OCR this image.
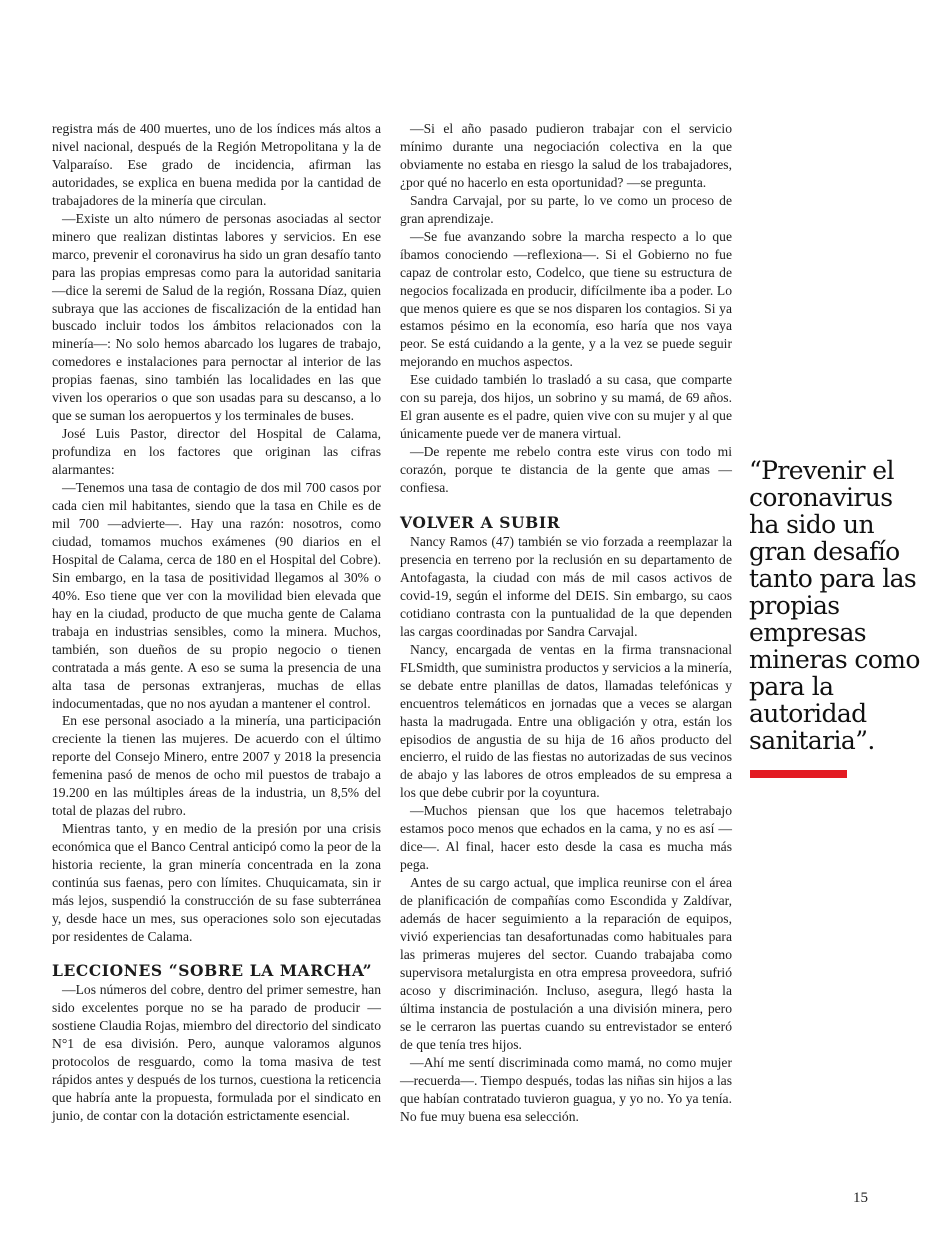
registra más de 400 muertes, uno de los índices más altos a nivel nacional, después de la Región Metropolitana y la de Valparaíso. Ese grado de incidencia, afirman las autoridades, se explica en buena medida por la cantidad de trabajadores de la minería que circulan.

—Existe un alto número de personas asociadas al sector minero que realizan distintas labores y servicios. En ese marco, prevenir el coronavirus ha sido un gran desafío tanto para las propias empresas como para la autoridad sanitaria —dice la seremi de Salud de la región, Rossana Díaz, quien subraya que las acciones de fiscalización de la entidad han buscado incluir todos los ámbitos relacionados con la minería—: No solo hemos abarcado los lugares de trabajo, comedores e instalaciones para pernoctar al interior de las propias faenas, sino también las localidades en las que viven los operarios o que son usadas para su descanso, a lo que se suman los aeropuertos y los terminales de buses.

José Luis Pastor, director del Hospital de Calama, profundiza en los factores que originan las cifras alarmantes:

—Tenemos una tasa de contagio de dos mil 700 casos por cada cien mil habitantes, siendo que la tasa en Chile es de mil 700 —advierte—. Hay una razón: nosotros, como ciudad, tomamos muchos exámenes (90 diarios en el Hospital de Calama, cerca de 180 en el Hospital del Cobre). Sin embargo, en la tasa de positividad llegamos al 30% o 40%. Eso tiene que ver con la movilidad bien elevada que hay en la ciudad, producto de que mucha gente de Calama trabaja en industrias sensibles, como la minera. Muchos, también, son dueños de su propio negocio o tienen contratada a más gente. A eso se suma la presencia de una alta tasa de personas extranjeras, muchas de ellas indocumentadas, que no nos ayudan a mantener el control.

En ese personal asociado a la minería, una participación creciente la tienen las mujeres. De acuerdo con el último reporte del Consejo Minero, entre 2007 y 2018 la presencia femenina pasó de menos de ocho mil puestos de trabajo a 19.200 en las múltiples áreas de la industria, un 8,5% del total de plazas del rubro.

Mientras tanto, y en medio de la presión por una crisis económica que el Banco Central anticipó como la peor de la historia reciente, la gran minería concentrada en la zona continúa sus faenas, pero con límites. Chuquicamata, sin ir más lejos, suspendió la construcción de su fase subterránea y, desde hace un mes, sus operaciones solo son ejecutadas por residentes de Calama.

LECCIONES “SOBRE LA MARCHA”

—Los números del cobre, dentro del primer semestre, han sido excelentes porque no se ha parado de producir —sostiene Claudia Rojas, miembro del directorio del sindicato N°1 de esa división. Pero, aunque valoramos algunos protocolos de resguardo, como la toma masiva de test rápidos antes y después de los turnos, cuestiona la reticencia que habría ante la propuesta, formulada por el sindicato en junio, de contar con la dotación estrictamente esencial.

—Si el año pasado pudieron trabajar con el servicio mínimo durante una negociación colectiva en la que obviamente no estaba en riesgo la salud de los trabajadores, ¿por qué no hacerlo en esta oportunidad? —se pregunta.

Sandra Carvajal, por su parte, lo ve como un proceso de gran aprendizaje.

—Se fue avanzando sobre la marcha respecto a lo que íbamos conociendo —reflexiona—. Si el Gobierno no fue capaz de controlar esto, Codelco, que tiene su estructura de negocios focalizada en producir, difícilmente iba a poder. Lo que menos quiere es que se nos disparen los contagios. Si ya estamos pésimo en la economía, eso haría que nos vaya peor. Se está cuidando a la gente, y a la vez se puede seguir mejorando en muchos aspectos.

Ese cuidado también lo trasladó a su casa, que comparte con su pareja, dos hijos, un sobrino y su mamá, de 69 años. El gran ausente es el padre, quien vive con su mujer y al que únicamente puede ver de manera virtual.

—De repente me rebelo contra este virus con todo mi corazón, porque te distancia de la gente que amas —confiesa.

VOLVER A SUBIR

Nancy Ramos (47) también se vio forzada a reemplazar la presencia en terreno por la reclusión en su departamento de Antofagasta, la ciudad con más de mil casos activos de covid-19, según el informe del DEIS. Sin embargo, su caos cotidiano contrasta con la puntualidad de la que dependen las cargas coordinadas por Sandra Carvajal.

Nancy, encargada de ventas en la firma transnacional FLSmidth, que suministra productos y servicios a la minería, se debate entre planillas de datos, llamadas telefónicas y encuentros telemáticos en jornadas que a veces se alargan hasta la madrugada. Entre una obligación y otra, están los episodios de angustia de su hija de 16 años producto del encierro, el ruido de las fiestas no autorizadas de sus vecinos de abajo y las labores de otros empleados de su empresa a los que debe cubrir por la coyuntura.

—Muchos piensan que los que hacemos teletrabajo estamos poco menos que echados en la cama, y no es así —dice—. Al final, hacer esto desde la casa es mucha más pega.

Antes de su cargo actual, que implica reunirse con el área de planificación de compañías como Escondida y Zaldívar, además de hacer seguimiento a la reparación de equipos, vivió experiencias tan desafortunadas como habituales para las primeras mujeres del sector. Cuando trabajaba como supervisora metalurgista en otra empresa proveedora, sufrió acoso y discriminación. Incluso, asegura, llegó hasta la última instancia de postulación a una división minera, pero se le cerraron las puertas cuando su entrevistador se enteró de que tenía tres hijos.

—Ahí me sentí discriminada como mamá, no como mujer —recuerda—. Tiempo después, todas las niñas sin hijos a las que habían contratado tuvieron guagua, y yo no. Yo ya tenía. No fue muy buena esa selección.

“Prevenir el coronavirus ha sido un gran desafío tanto para las propias empresas mineras como para la autoridad sanitaria”.
15
